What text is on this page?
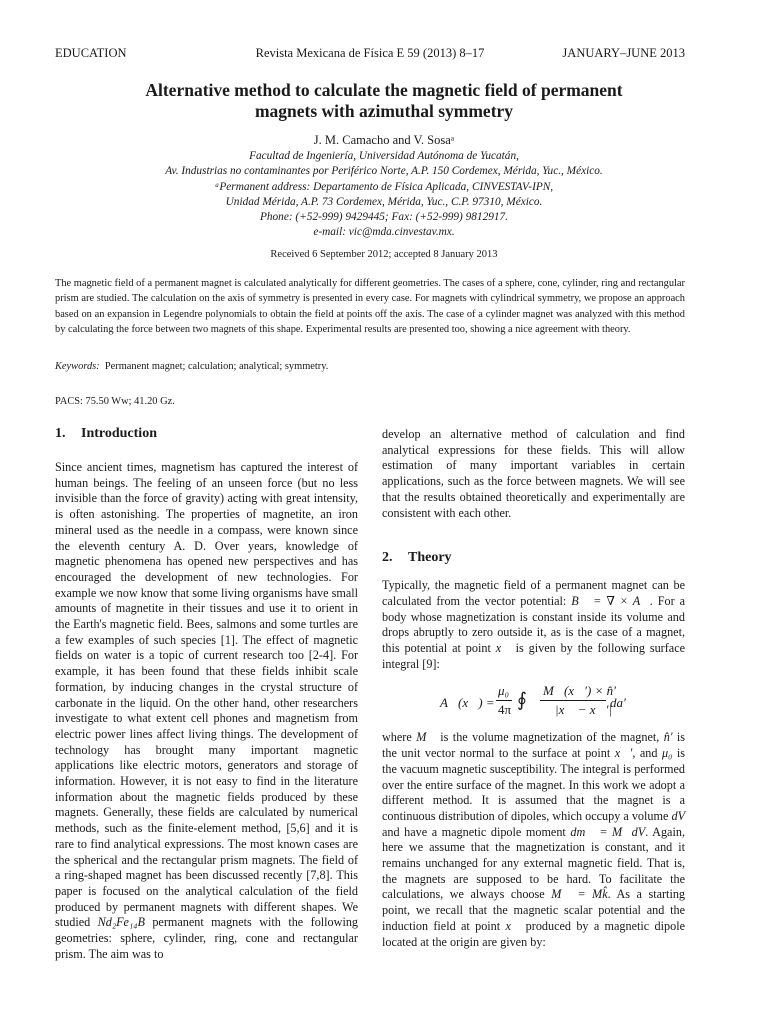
EDUCATION	Revista Mexicana de Física E 59 (2013) 8–17	JANUARY–JUNE 2013
Alternative method to calculate the magnetic field of permanent
magnets with azimuthal symmetry
J. M. Camacho and V. Sosaᵃ
Facultad de Ingeniería, Universidad Autónoma de Yucatán,
Av. Industrias no contaminantes por Periférico Norte, A.P. 150 Cordemex, Mérida, Yuc., México.
ᵃPermanent address: Departamento de Física Aplicada, CINVESTAV-IPN,
Unidad Mérida, A.P. 73 Cordemex, Mérida, Yuc., C.P. 97310, México.
Phone: (+52-999) 9429445; Fax: (+52-999) 9812917.
e-mail: vic@mda.cinvestav.mx.
Received 6 September 2012; accepted 8 January 2013

The magnetic field of a permanent magnet is calculated analytically for different geometries. The cases of a sphere, cone, cylinder, ring and rectangular prism are studied. The calculation on the axis of symmetry is presented in every case. For magnets with cylindrical symmetry, we propose an approach based on an expansion in Legendre polynomials to obtain the field at points off the axis. The case of a cylinder magnet was analyzed with this method by calculating the force between two magnets of this shape. Experimental results are presented too, showing a nice agreement with theory.

Keywords: Permanent magnet; calculation; analytical; symmetry.
PACS: 75.50 Ww; 41.20 Gz.
1. Introduction

Since ancient times, magnetism has captured the interest of human beings. The feeling of an unseen force (but no less invisible than the force of gravity) acting with great intensity, is often astonishing. The properties of magnetite, an iron mineral used as the needle in a compass, were known since the eleventh century A. D. Over years, knowledge of magnetic phenomena has opened new perspectives and has encouraged the development of new technologies. For example we now know that some living organisms have small amounts of magnetite in their tissues and use it to orient in the Earth's magnetic field. Bees, salmons and some turtles are a few examples of such species [1]. The effect of magnetic fields on water is a topic of current research too [2-4]. For example, it has been found that these fields inhibit scale formation, by inducing changes in the crystal structure of carbonate in the liquid. On the other hand, other researchers investigate to what extent cell phones and magnetism from electric power lines affect living things. The development of technology has brought many important magnetic applications like electric motors, generators and storage of information. However, it is not easy to find in the literature information about the magnetic fields produced by these magnets. Generally, these fields are calculated by numerical methods, such as the finite-element method, [5,6] and it is rare to find analytical expressions. The most known cases are the spherical and the rectangular prism magnets. The field of a ring-shaped magnet has been discussed recently [7,8]. This paper is focused on the analytical calculation of the field produced by permanent magnets with different shapes. We studied Nd₂Fe₁₄B permanent magnets with the following geometries: sphere, cylinder, ring, cone and rectangular prism. The aim was to

develop an alternative method of calculation and find analytical expressions for these fields. This will allow estimation of many important variables in certain applications, such as the force between magnets. We will see that the results obtained theoretically and experimentally are consistent with each other.

2. Theory

Typically, the magnetic field of a permanent magnet can be calculated from the vector potential: B⃗ = ∇ × A⃗. For a body whose magnetization is constant inside its volume and drops abruptly to zero outside it, as is the case of a magnet, this potential at point x⃗ is given by the following surface integral [9]:

where M⃗ is the volume magnetization of the magnet, n̂′ is the unit vector normal to the surface at point x⃗′, and μ₀ is the vacuum magnetic susceptibility. The integral is performed over the entire surface of the magnet. In this work we adopt a different method. It is assumed that the magnet is a continuous distribution of dipoles, which occupy a volume dV and have a magnetic dipole moment dm⃗ = M⃗dV. Again, here we assume that the magnetization is constant, and it remains unchanged for any external magnetic field. That is, the magnets are supposed to be hard. To facilitate the calculations, we always choose M⃗ = Mk̂. As a starting point, we recall that the magnetic scalar potential and the induction field at point x⃗ produced by a magnetic dipole located at the origin are given by:

A⃗(x⃗) =
μ₀
4π ∮ M⃗(x⃗′) × n̂′
|x⃗ − x⃗′|
da′
